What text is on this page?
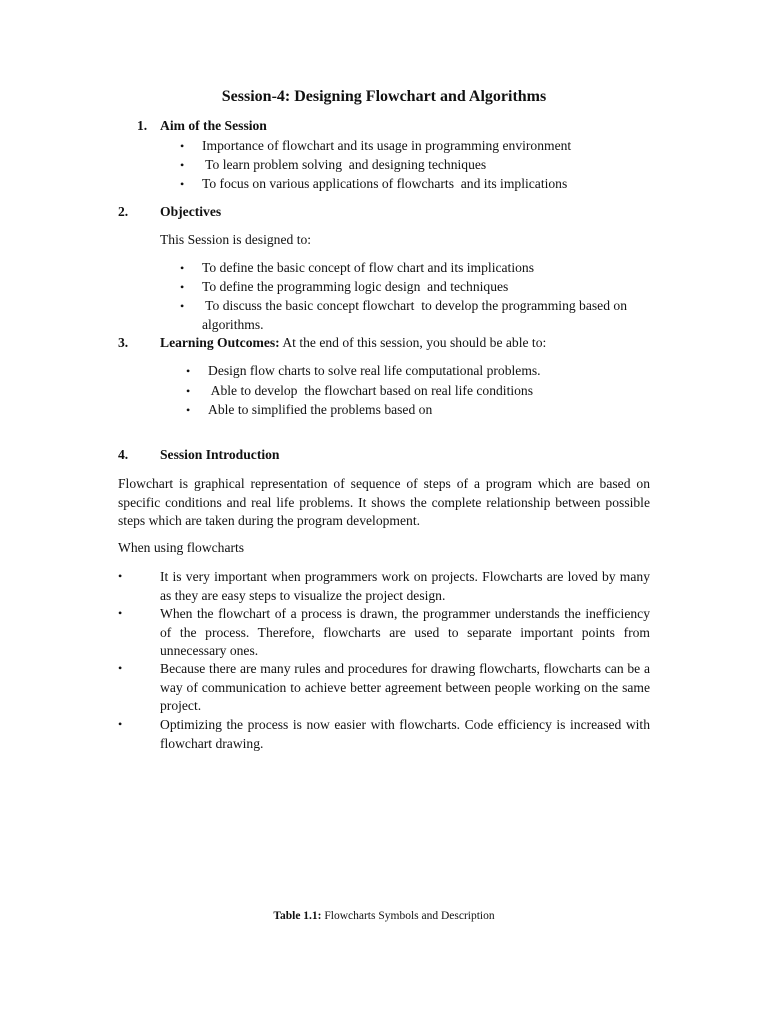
Session-4: Designing Flowchart and Algorithms
1. Aim of the Session
• Importance of flowchart and its usage in programming environment
• To learn problem solving  and designing techniques
• To focus on various applications of flowcharts  and its implications
2. Objectives
This Session is designed to:
• To define the basic concept of flow chart and its implications
• To define the programming logic design  and techniques
• To discuss the basic concept flowchart  to develop the programming based on
algorithms.
3. Learning Outcomes: At the end of this session, you should be able to:
• Design flow charts to solve real life computational problems.
• Able to develop  the flowchart based on real life conditions
• Able to simplified the problems based on
4. Session Introduction
Flowchart is graphical representation of sequence of steps of a program which are based on specific conditions and real life problems. It shows the complete relationship between possible steps which are taken during the program development.
When using flowcharts
•	It is very important when programmers work on projects. Flowcharts are loved by many as they are easy steps to visualize the project design.
•	When the flowchart of a process is drawn, the programmer understands the inefficiency of the process. Therefore, flowcharts are used to separate important points from unnecessary ones.
•	Because there are many rules and procedures for drawing flowcharts, flowcharts can be a way of communication to achieve better agreement between people working on the same project.
•	Optimizing the process is now easier with flowcharts. Code efficiency is increased with flowchart drawing.
Table 1.1: Flowcharts Symbols and Description
